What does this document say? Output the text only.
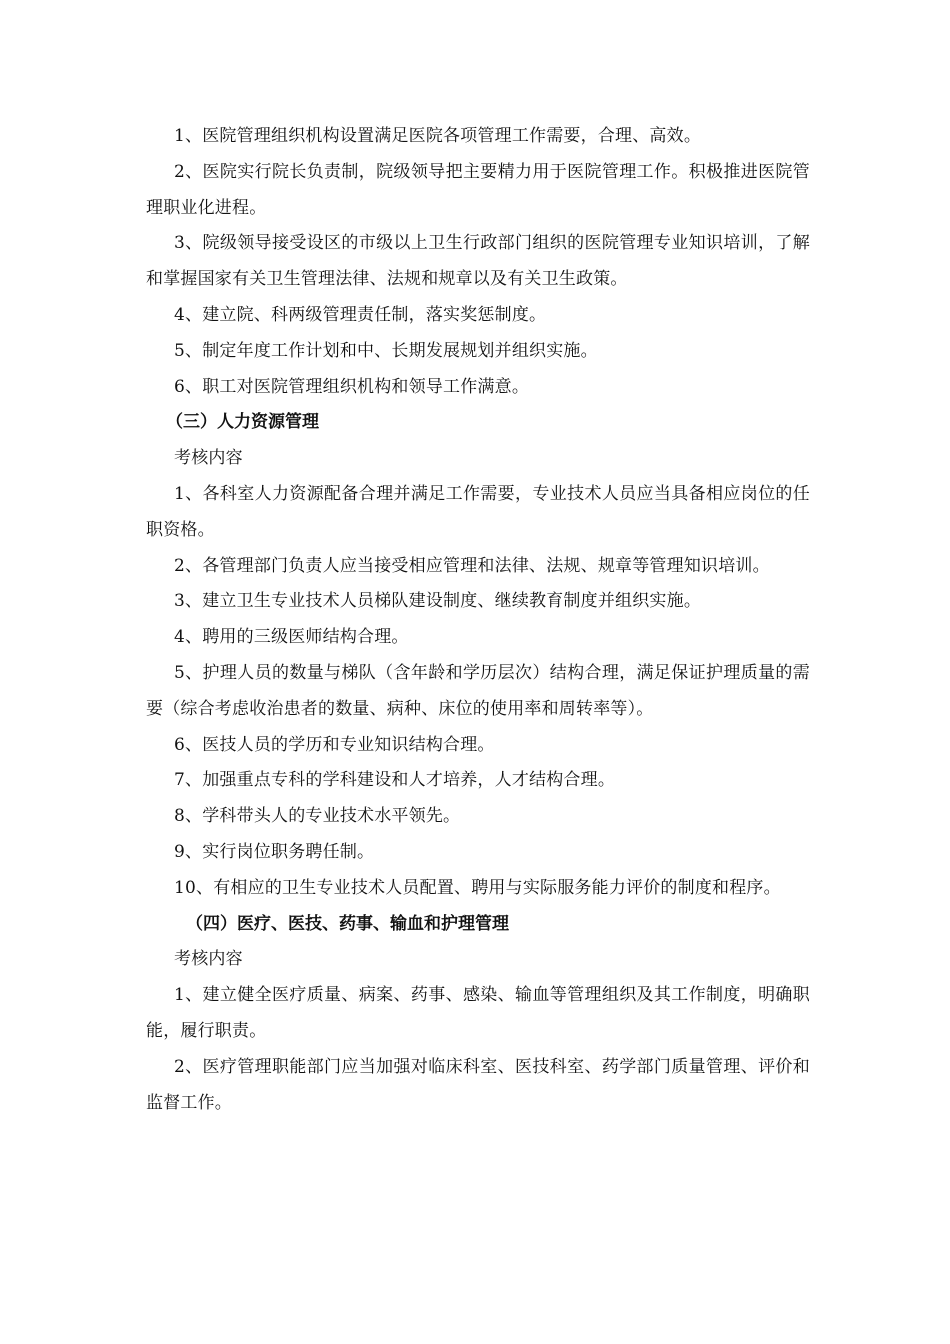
1、医院管理组织机构设置满足医院各项管理工作需要，合理、高效。

2、医院实行院长负责制，院级领导把主要精力用于医院管理工作。积极推进医院管理职业化进程。

3、院级领导接受设区的市级以上卫生行政部门组织的医院管理专业知识培训，了解和掌握国家有关卫生管理法律、法规和规章以及有关卫生政策。

4、建立院、科两级管理责任制，落实奖惩制度。

5、制定年度工作计划和中、长期发展规划并组织实施。

6、职工对医院管理组织机构和领导工作满意。

（三）人力资源管理

考核内容

1、各科室人力资源配备合理并满足工作需要，专业技术人员应当具备相应岗位的任职资格。

2、各管理部门负责人应当接受相应管理和法律、法规、规章等管理知识培训。

3、建立卫生专业技术人员梯队建设制度、继续教育制度并组织实施。

4、聘用的三级医师结构合理。

5、护理人员的数量与梯队（含年龄和学历层次）结构合理，满足保证护理质量的需要（综合考虑收治患者的数量、病种、床位的使用率和周转率等）。

6、医技人员的学历和专业知识结构合理。

7、加强重点专科的学科建设和人才培养，人才结构合理。

8、学科带头人的专业技术水平领先。

9、实行岗位职务聘任制。

10、有相应的卫生专业技术人员配置、聘用与实际服务能力评价的制度和程序。

（四）医疗、医技、药事、输血和护理管理

考核内容

1、建立健全医疗质量、病案、药事、感染、输血等管理组织及其工作制度，明确职能，履行职责。

2、医疗管理职能部门应当加强对临床科室、医技科室、药学部门质量管理、评价和监督工作。
